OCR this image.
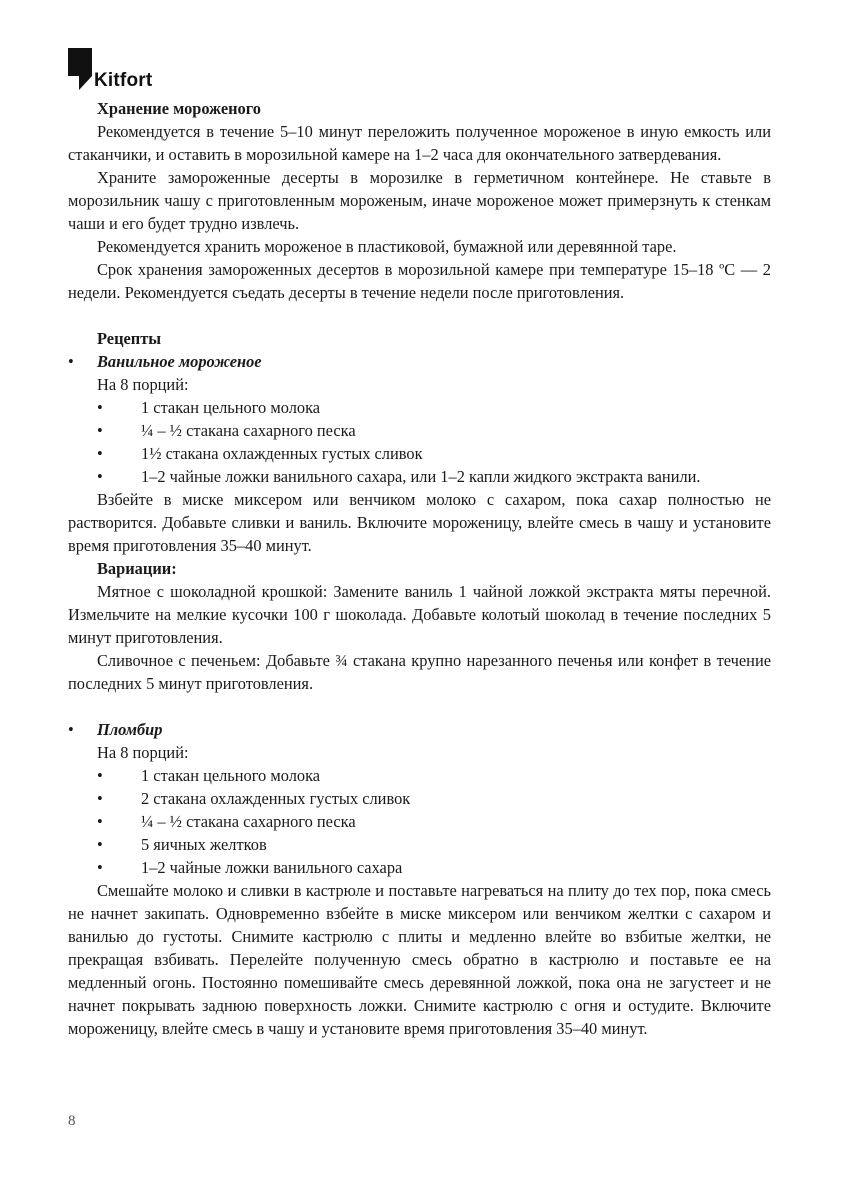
Kitfort

Хранение мороженого

Рекомендуется в течение 5–10 минут переложить полученное мороженое в иную емкость или стаканчики, и оставить в морозильной камере на 1–2 часа для окончательного затвердевания.

Храните замороженные десерты в морозилке в герметичном контейнере. Не ставьте в морозильник чашу с приготовленным мороженым, иначе мороженое может примерзнуть к стенкам чаши и его будет трудно извлечь.

Рекомендуется хранить мороженое в пластиковой, бумажной или деревянной таре.

Срок хранения замороженных десертов в морозильной камере при температуре 15–18 ºС — 2 недели. Рекомендуется съедать десерты в течение недели после приготовления.

Рецепты

• Ванильное мороженое
На 8 порций:
• 1 стакан цельного молока
• ¼ – ½ стакана сахарного песка
• 1½ стакана охлажденных густых сливок

• 1–2 чайные ложки ванильного сахара, или 1–2 капли жидкого экстракта ванили.

Взбейте в миске миксером или венчиком молоко с сахаром, пока сахар полностью не растворится. Добавьте сливки и ваниль. Включите мороженицу, влейте смесь в чашу и установите время приготовления 35–40 минут.

Вариации:

Мятное с шоколадной крошкой: Замените ваниль 1 чайной ложкой экстракта мяты перечной. Измельчите на мелкие кусочки 100 г шоколада. Добавьте колотый шоколад в течение последних 5 минут приготовления.

Сливочное с печеньем: Добавьте ¾ стакана крупно нарезанного печенья или конфет в течение последних 5 минут приготовления.

• Пломбир
На 8 порций:
• 1 стакан цельного молока
• 2 стакана охлажденных густых сливок
• ¼ – ½ стакана сахарного песка
• 5 яичных желтков
• 1–2 чайные ложки ванильного сахара

Смешайте молоко и сливки в кастрюле и поставьте нагреваться на плиту до тех пор, пока смесь не начнет закипать. Одновременно взбейте в миске миксером или венчиком желтки с сахаром и ванилью до густоты. Снимите кастрюлю с плиты и медленно влейте во взбитые желтки, не прекращая взбивать. Перелейте полученную смесь обратно в кастрюлю и поставьте ее на медленный огонь. Постоянно помешивайте смесь деревянной ложкой, пока она не загустеет и не начнет покрывать заднюю поверхность ложки. Снимите кастрюлю с огня и остудите. Включите мороженицу, влейте смесь в чашу и установите время приготовления 35–40 минут.

8
